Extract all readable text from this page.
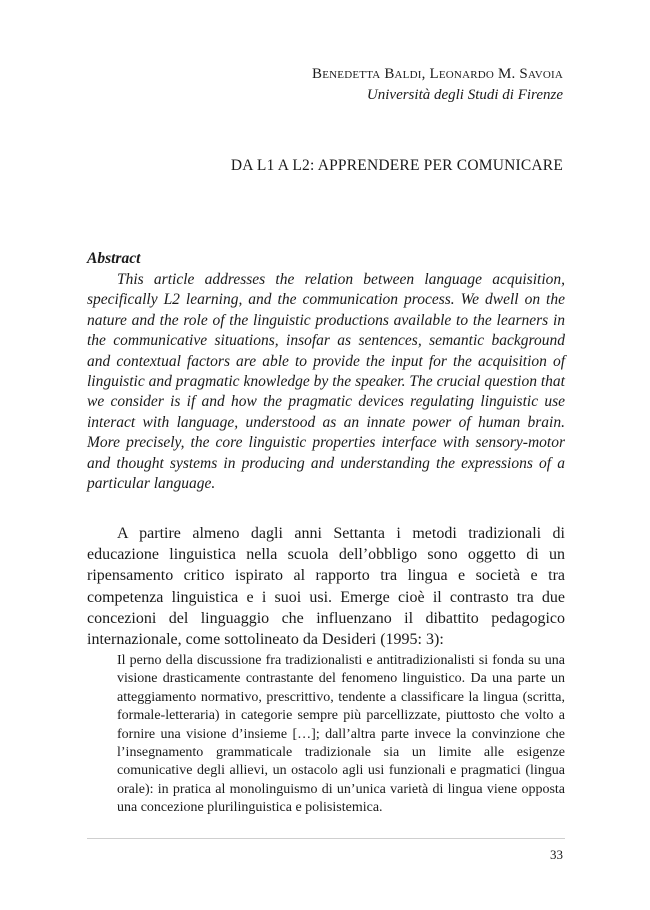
Benedetta Baldi, Leonardo M. Savoia
Università degli Studi di Firenze
DA L1 A L2: APPRENDERE PER COMUNICARE
Abstract

This article addresses the relation between language acquisition, specifically L2 learning, and the communication process. We dwell on the nature and the role of the linguistic productions available to the learners in the communicative situations, insofar as sentences, semantic background and contextual factors are able to provide the input for the acquisition of linguistic and pragmatic knowledge by the speaker. The crucial question that we consider is if and how the pragmatic devices regulating linguistic use interact with language, understood as an innate power of human brain. More precisely, the core linguistic properties interface with sensory-motor and thought systems in producing and understanding the expressions of a particular language.

A partire almeno dagli anni Settanta i metodi tradizionali di educazione linguistica nella scuola dell’obbligo sono oggetto di un ripensamento critico ispirato al rapporto tra lingua e società e tra competenza linguistica e i suoi usi. Emerge cioè il contrasto tra due concezioni del linguaggio che influenzano il dibattito pedagogico internazionale, come sottolineato da Desideri (1995: 3):

Il perno della discussione fra tradizionalisti e antitradizionalisti si fonda su una visione drasticamente contrastante del fenomeno linguistico. Da una parte un atteggiamento normativo, prescrittivo, tendente a classificare la lingua (scritta, formale-letteraria) in categorie sempre più parcellizzate, piuttosto che volto a fornire una visione d’insieme […]; dall’altra parte invece la convinzione che l’insegnamento grammaticale tradizionale sia un limite alle esigenze comunicative degli allievi, un ostacolo agli usi funzionali e pragmatici (lingua orale): in pratica al monolinguismo di un’unica varietà di lingua viene opposta una concezione plurilinguistica e polisistemica.

33
